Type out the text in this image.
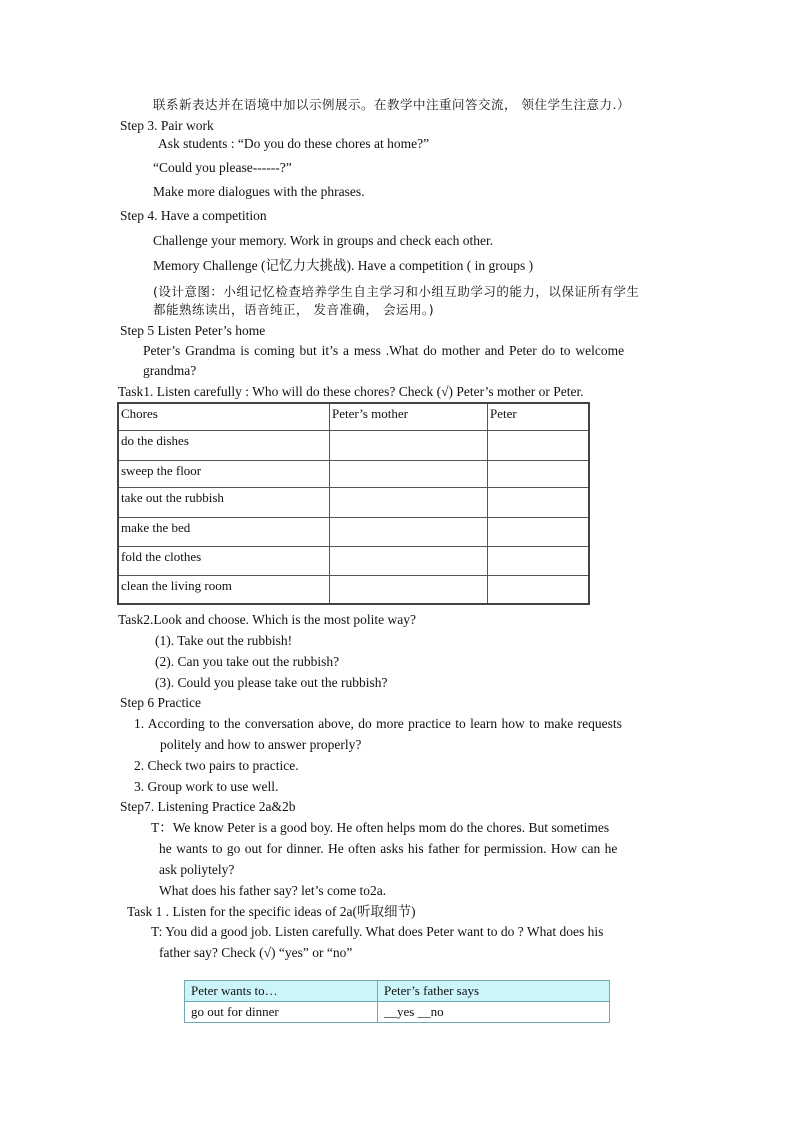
联系新表达并在语境中加以示例展示。在教学中注重问答交流， 领住学生注意力.）
Step 3. Pair work
Ask students : “Do you do these chores at home?”
“Could you please------?”
Make more dialogues with the phrases.
Step 4. Have a competition
Challenge your memory. Work in groups and check each other.
Memory Challenge (记忆力大挑战). Have a competition ( in groups )
(设计意图：小组记忆检查培养学生自主学习和小组互助学习的能力，以保证所有学生
都能熟练读出，语音纯正， 发音准确， 会运用。)
Step 5 Listen Peter’s home
Peter’s Grandma is coming but it’s a mess .What do mother and Peter do to welcome
grandma?
Task1. Listen carefully : Who will do these chores? Check (√) Peter’s mother or Peter.
Chores	Peter’s mother	Peter
do the dishes		
sweep the floor		
take out the rubbish		
make the bed		
fold the clothes		
clean the living room		
Task2.Look and choose. Which is the most polite way?
(1). Take out the rubbish!
(2). Can you take out the rubbish?
(3). Could you please take out the rubbish?
Step 6 Practice
1. According to the conversation above, do more practice to learn how to make requests
politely and how to answer properly?
2. Check two pairs to practice.
3. Group work to use well.
Step7. Listening Practice 2a&2b
T：We know Peter is a good boy. He often helps mom do the chores. But sometimes
he wants to go out for dinner. He often asks his father for permission. How can he
ask poliytely?
What does his father say? let’s come to2a.
Task 1 . Listen for the specific ideas of 2a(听取细节)
T: You did a good job. Listen carefully. What does Peter want to do ? What does his
father say? Check (√) “yes” or “no”
Peter wants to…	Peter’s father says
go out for dinner	__yes __no
